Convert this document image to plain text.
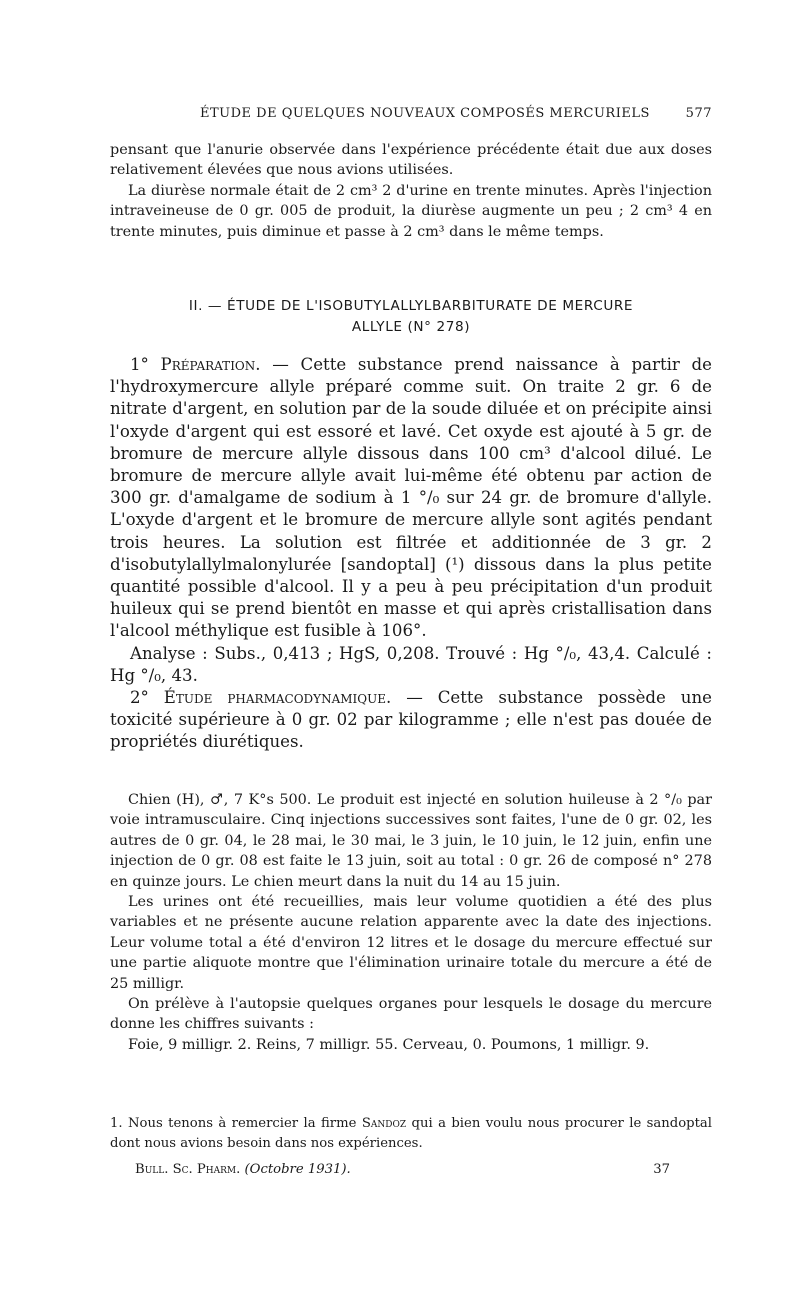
ÉTUDE DE QUELQUES NOUVEAUX COMPOSÉS MERCURIELS	577

pensant que l'anurie observée dans l'expérience précédente était due aux doses relativement élevées que nous avions utilisées.

La diurèse normale était de 2 cm³ 2 d'urine en trente minutes. Après l'injection intraveineuse de 0 gr. 005 de produit, la diurèse augmente un peu ; 2 cm³ 4 en trente minutes, puis diminue et passe à 2 cm³ dans le même temps.

II. — ÉTUDE DE L'ISOBUTYLALLYLBARBITURATE DE MERCURE
ALLYLE (N° 278)

1° Préparation. — Cette substance prend naissance à partir de l'hydroxymercure allyle préparé comme suit. On traite 2 gr. 6 de nitrate d'argent, en solution par de la soude diluée et on précipite ainsi l'oxyde d'argent qui est essoré et lavé. Cet oxyde est ajouté à 5 gr. de bromure de mercure allyle dissous dans 100 cm³ d'alcool dilué. Le bromure de mercure allyle avait lui-même été obtenu par action de 300 gr. d'amalgame de sodium à 1 °/₀ sur 24 gr. de bromure d'allyle. L'oxyde d'argent et le bromure de mercure allyle sont agités pendant trois heures. La solution est filtrée et additionnée de 3 gr. 2 d'isobutylallylmalonylurée [sandoptal] (¹) dissous dans la plus petite quantité possible d'alcool. Il y a peu à peu précipitation d'un produit huileux qui se prend bientôt en masse et qui après cristallisation dans l'alcool méthylique est fusible à 106°.

Analyse : Subs., 0,413 ; HgS, 0,208. Trouvé : Hg °/₀, 43,4. Calculé : Hg °/₀, 43.

2° Étude pharmacodynamique. — Cette substance possède une toxicité supérieure à 0 gr. 02 par kilogramme ; elle n'est pas douée de propriétés diurétiques.

Chien (H), ♂, 7 K°s 500. Le produit est injecté en solution huileuse à 2 °/₀ par voie intramusculaire. Cinq injections successives sont faites, l'une de 0 gr. 02, les autres de 0 gr. 04, le 28 mai, le 30 mai, le 3 juin, le 10 juin, le 12 juin, enfin une injection de 0 gr. 08 est faite le 13 juin, soit au total : 0 gr. 26 de composé n° 278 en quinze jours. Le chien meurt dans la nuit du 14 au 15 juin.

Les urines ont été recueillies, mais leur volume quotidien a été des plus variables et ne présente aucune relation apparente avec la date des injections. Leur volume total a été d'environ 12 litres et le dosage du mercure effectué sur une partie aliquote montre que l'élimination urinaire totale du mercure a été de 25 milligr.

On prélève à l'autopsie quelques organes pour lesquels le dosage du mercure donne les chiffres suivants :

Foie, 9 milligr. 2. Reins, 7 milligr. 55. Cerveau, 0. Poumons, 1 milligr. 9.

1. Nous tenons à remercier la firme Sandoz qui a bien voulu nous procurer le sandoptal dont nous avions besoin dans nos expériences.
Bull. Sc. Pharm. (Octobre 1931).	37
